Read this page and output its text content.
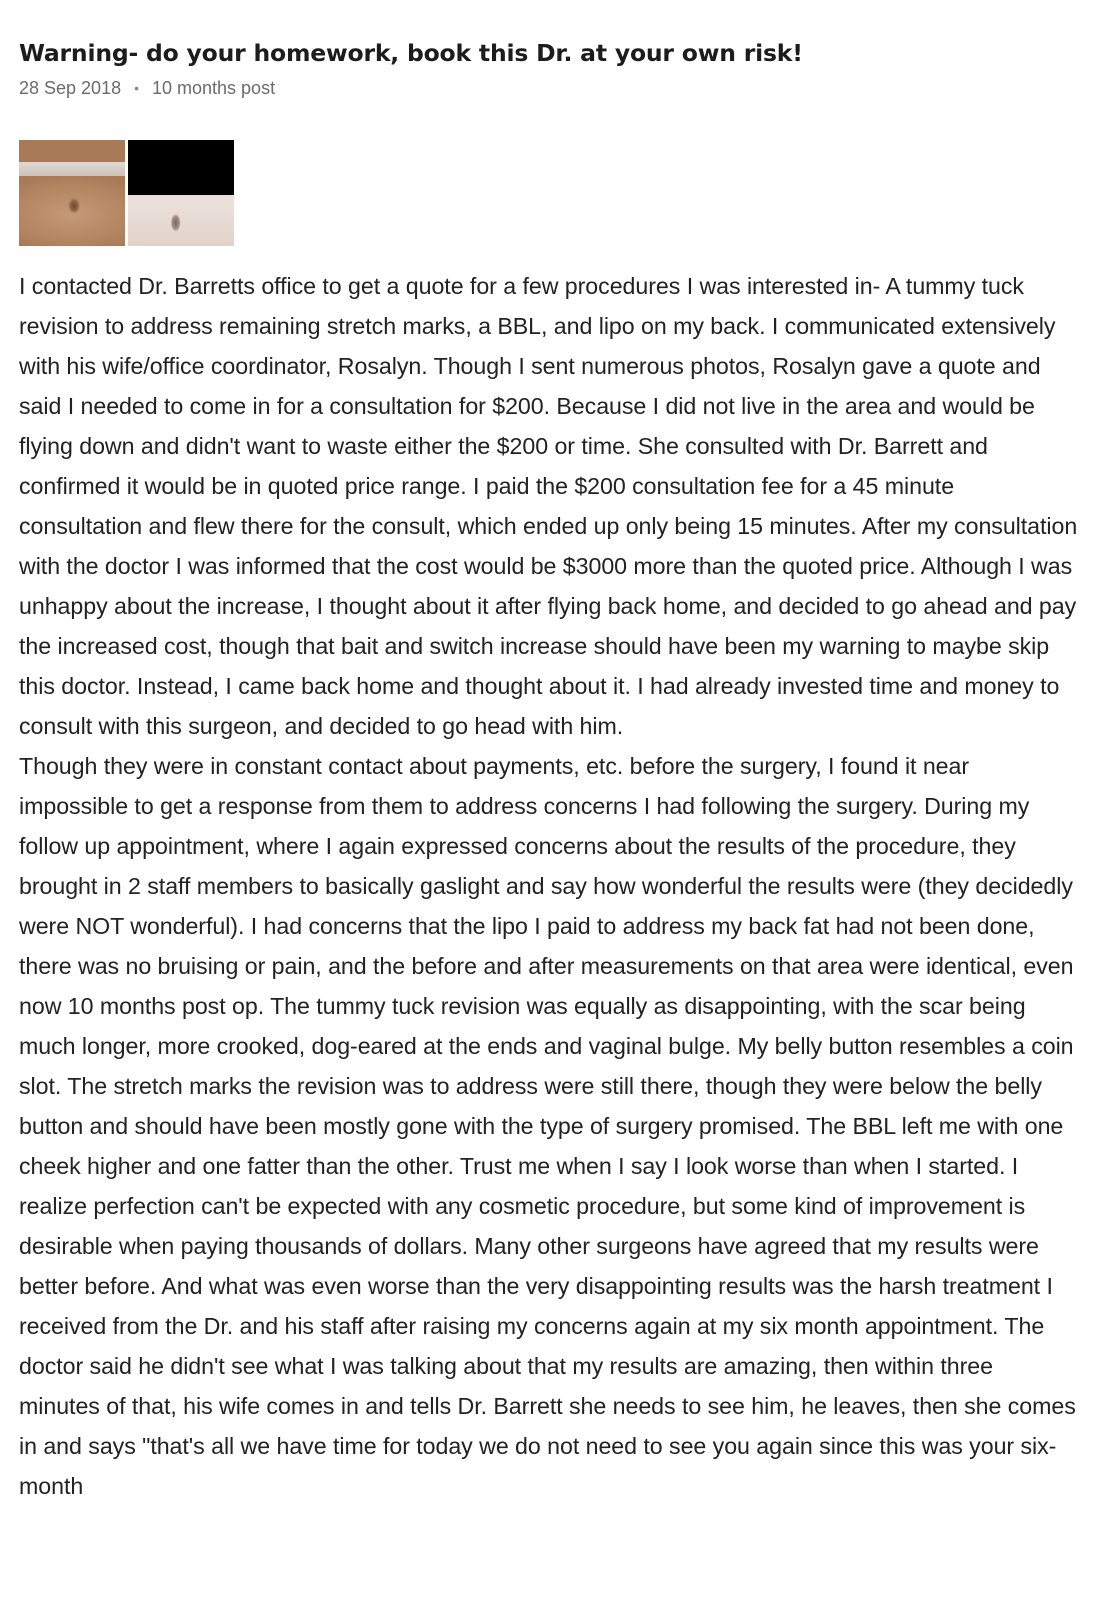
Warning- do your homework, book this Dr. at your own risk!
28 Sep 2018 • 10 months post

I contacted Dr. Barretts office to get a quote for a few procedures I was interested in- A tummy tuck revision to address remaining stretch marks, a BBL, and lipo on my back. I communicated extensively with his wife/office coordinator, Rosalyn. Though I sent numerous photos, Rosalyn gave a quote and said I needed to come in for a consultation for $200. Because I did not live in the area and would be flying down and didn't want to waste either the $200 or time. She consulted with Dr. Barrett and confirmed it would be in quoted price range. I paid the $200 consultation fee for a 45 minute consultation and flew there for the consult, which ended up only being 15 minutes. After my consultation with the doctor I was informed that the cost would be $3000 more than the quoted price. Although I was unhappy about the increase, I thought about it after flying back home, and decided to go ahead and pay the increased cost, though that bait and switch increase should have been my warning to maybe skip this doctor. Instead, I came back home and thought about it. I had already invested time and money to consult with this surgeon, and decided to go head with him.

Though they were in constant contact about payments, etc. before the surgery, I found it near impossible to get a response from them to address concerns I had following the surgery. During my follow up appointment, where I again expressed concerns about the results of the procedure, they brought in 2 staff members to basically gaslight and say how wonderful the results were (they decidedly were NOT wonderful). I had concerns that the lipo I paid to address my back fat had not been done, there was no bruising or pain, and the before and after measurements on that area were identical, even now 10 months post op. The tummy tuck revision was equally as disappointing, with the scar being much longer, more crooked, dog-eared at the ends and vaginal bulge. My belly button resembles a coin slot. The stretch marks the revision was to address were still there, though they were below the belly button and should have been mostly gone with the type of surgery promised. The BBL left me with one cheek higher and one fatter than the other. Trust me when I say I look worse than when I started. I realize perfection can't be expected with any cosmetic procedure, but some kind of improvement is desirable when paying thousands of dollars. Many other surgeons have agreed that my results were better before. And what was even worse than the very disappointing results was the harsh treatment I received from the Dr. and his staff after raising my concerns again at my six month appointment. The doctor said he didn't see what I was talking about that my results are amazing, then within three minutes of that, his wife comes in and tells Dr. Barrett she needs to see him, he leaves, then she comes in and says "that's all we have time for today we do not need to see you again since this was your six-month
